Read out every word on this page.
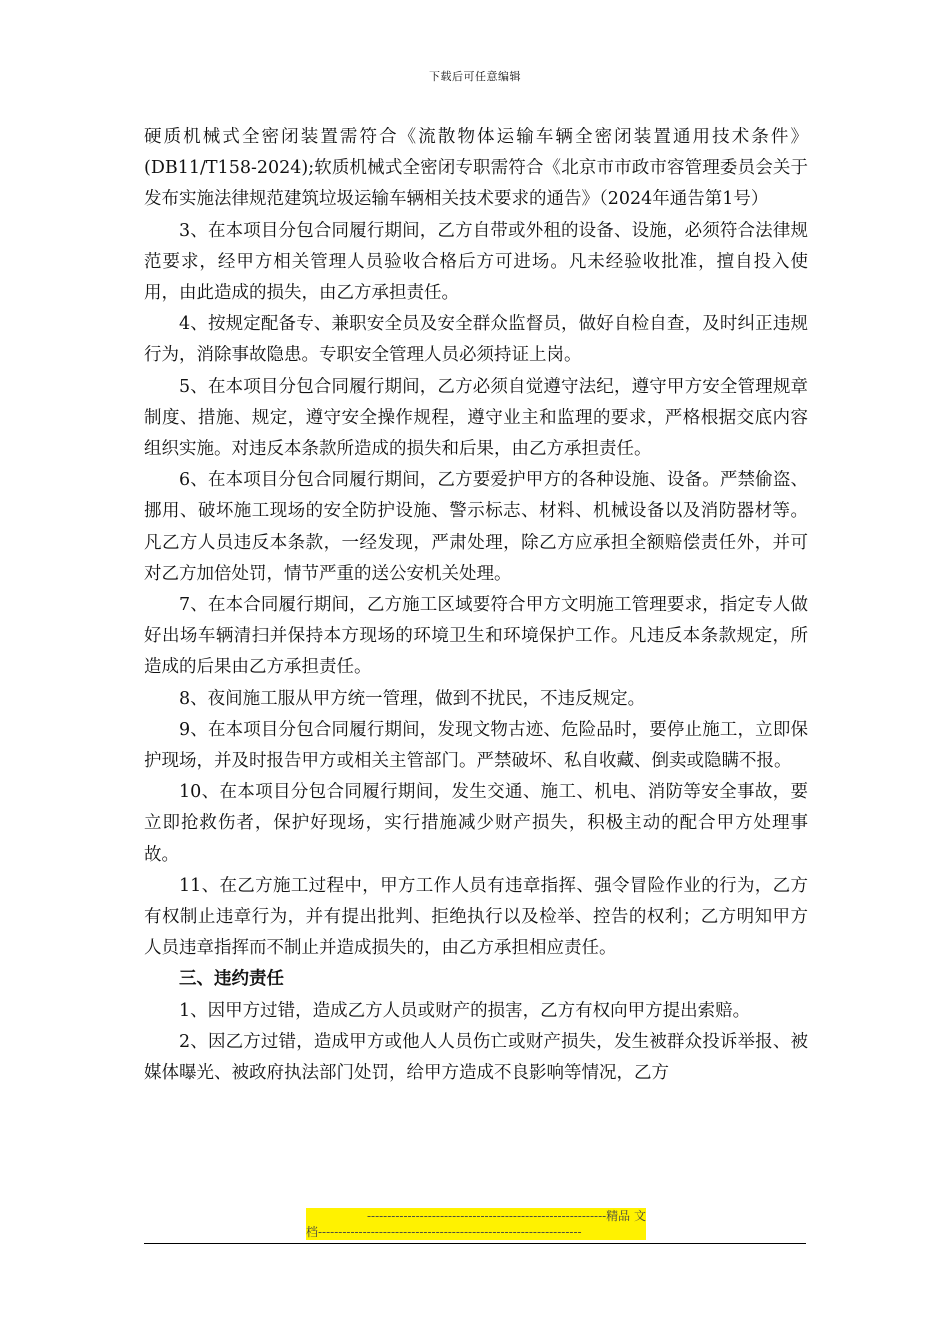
下载后可任意编辑

硬质机械式全密闭装置需符合《流散物体运输车辆全密闭装置通用技术条件》(DB11/T158-2024);软质机械式全密闭专职需符合《北京市市政市容管理委员会关于发布实施法律规范建筑垃圾运输车辆相关技术要求的通告》（2024年通告第1号）

3、在本项目分包合同履行期间，乙方自带或外租的设备、设施，必须符合法律规范要求，经甲方相关管理人员验收合格后方可进场。凡未经验收批准，擅自投入使用，由此造成的损失，由乙方承担责任。

4、按规定配备专、兼职安全员及安全群众监督员，做好自检自查，及时纠正违规行为，消除事故隐患。专职安全管理人员必须持证上岗。

5、在本项目分包合同履行期间，乙方必须自觉遵守法纪，遵守甲方安全管理规章制度、措施、规定，遵守安全操作规程，遵守业主和监理的要求，严格根据交底内容组织实施。对违反本条款所造成的损失和后果，由乙方承担责任。

6、在本项目分包合同履行期间，乙方要爱护甲方的各种设施、设备。严禁偷盗、挪用、破坏施工现场的安全防护设施、警示标志、材料、机械设备以及消防器材等。凡乙方人员违反本条款，一经发现，严肃处理，除乙方应承担全额赔偿责任外，并可对乙方加倍处罚，情节严重的送公安机关处理。

7、在本合同履行期间，乙方施工区域要符合甲方文明施工管理要求，指定专人做好出场车辆清扫并保持本方现场的环境卫生和环境保护工作。凡违反本条款规定，所造成的后果由乙方承担责任。

8、夜间施工服从甲方统一管理，做到不扰民，不违反规定。

9、在本项目分包合同履行期间，发现文物古迹、危险品时，要停止施工，立即保护现场，并及时报告甲方或相关主管部门。严禁破坏、私自收藏、倒卖或隐瞒不报。

10、在本项目分包合同履行期间，发生交通、施工、机电、消防等安全事故，要立即抢救伤者，保护好现场，实行措施减少财产损失，积极主动的配合甲方处理事故。

11、在乙方施工过程中，甲方工作人员有违章指挥、强令冒险作业的行为，乙方有权制止违章行为，并有提出批判、拒绝执行以及检举、控告的权利；乙方明知甲方人员违章指挥而不制止并造成损失的，由乙方承担相应责任。

三、违约责任

1、因甲方过错，造成乙方人员或财产的损害，乙方有权向甲方提出索赔。

2、因乙方过错，造成甲方或他人人员伤亡或财产损失，发生被群众投诉举报、被媒体曝光、被政府执法部门处罚，给甲方造成不良影响等情况，乙方

-----------------------------------------------------------精品 文
档-----------------------------------------------------------------
